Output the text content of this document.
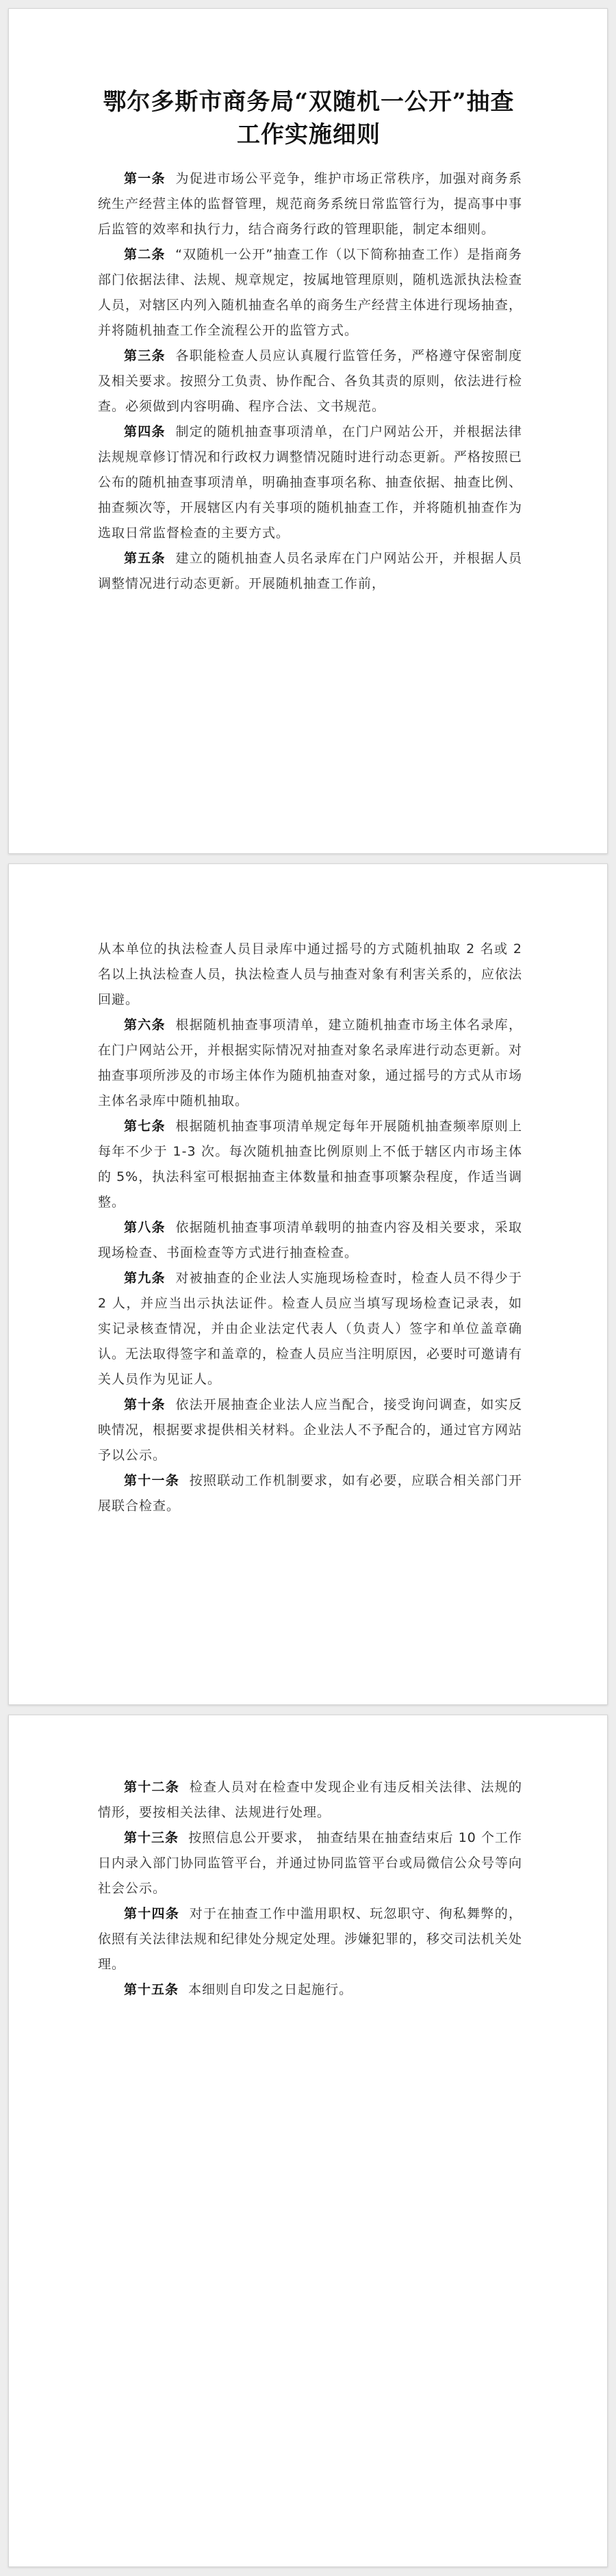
鄂尔多斯市商务局“双随机一公开”抽查工作实施细则

第一条 为促进市场公平竞争，维护市场正常秩序，加强对商务系统生产经营主体的监督管理，规范商务系统日常监管行为，提高事中事后监管的效率和执行力，结合商务行政的管理职能，制定本细则。

第二条 “双随机一公开”抽查工作（以下简称抽查工作）是指商务部门依据法律、法规、规章规定，按属地管理原则，随机选派执法检查人员，对辖区内列入随机抽查名单的商务生产经营主体进行现场抽查，并将随机抽查工作全流程公开的监管方式。

第三条 各职能检查人员应认真履行监管任务，严格遵守保密制度及相关要求。按照分工负责、协作配合、各负其责的原则，依法进行检查。必须做到内容明确、程序合法、文书规范。

第四条 制定的随机抽查事项清单，在门户网站公开，并根据法律法规规章修订情况和行政权力调整情况随时进行动态更新。严格按照已公布的随机抽查事项清单，明确抽查事项名称、抽查依据、抽查比例、抽查频次等，开展辖区内有关事项的随机抽查工作，并将随机抽查作为选取日常监督检查的主要方式。

第五条 建立的随机抽查人员名录库在门户网站公开，并根据人员调整情况进行动态更新。开展随机抽查工作前，

从本单位的执法检查人员目录库中通过摇号的方式随机抽取 2 名或 2 名以上执法检查人员，执法检查人员与抽查对象有利害关系的，应依法回避。

第六条 根据随机抽查事项清单，建立随机抽查市场主体名录库，在门户网站公开，并根据实际情况对抽查对象名录库进行动态更新。对抽查事项所涉及的市场主体作为随机抽查对象，通过摇号的方式从市场主体名录库中随机抽取。

第七条 根据随机抽查事项清单规定每年开展随机抽查频率原则上每年不少于 1-3 次。每次随机抽查比例原则上不低于辖区内市场主体的 5%，执法科室可根据抽查主体数量和抽查事项繁杂程度，作适当调整。

第八条 依据随机抽查事项清单载明的抽查内容及相关要求，采取现场检查、书面检查等方式进行抽查检查。

第九条 对被抽查的企业法人实施现场检查时，检查人员不得少于 2 人，并应当出示执法证件。检查人员应当填写现场检查记录表，如实记录核查情况，并由企业法定代表人（负责人）签字和单位盖章确认。无法取得签字和盖章的，检查人员应当注明原因，必要时可邀请有关人员作为见证人。

第十条 依法开展抽查企业法人应当配合，接受询问调查，如实反映情况，根据要求提供相关材料。企业法人不予配合的，通过官方网站予以公示。

第十一条 按照联动工作机制要求，如有必要，应联合相关部门开展联合检查。

第十二条 检查人员对在检查中发现企业有违反相关法律、法规的情形，要按相关法律、法规进行处理。

第十三条 按照信息公开要求， 抽查结果在抽查结束后 10 个工作日内录入部门协同监管平台，并通过协同监管平台或局微信公众号等向社会公示。

第十四条 对于在抽查工作中滥用职权、玩忽职守、徇私舞弊的，依照有关法律法规和纪律处分规定处理。涉嫌犯罪的，移交司法机关处理。

第十五条 本细则自印发之日起施行。
